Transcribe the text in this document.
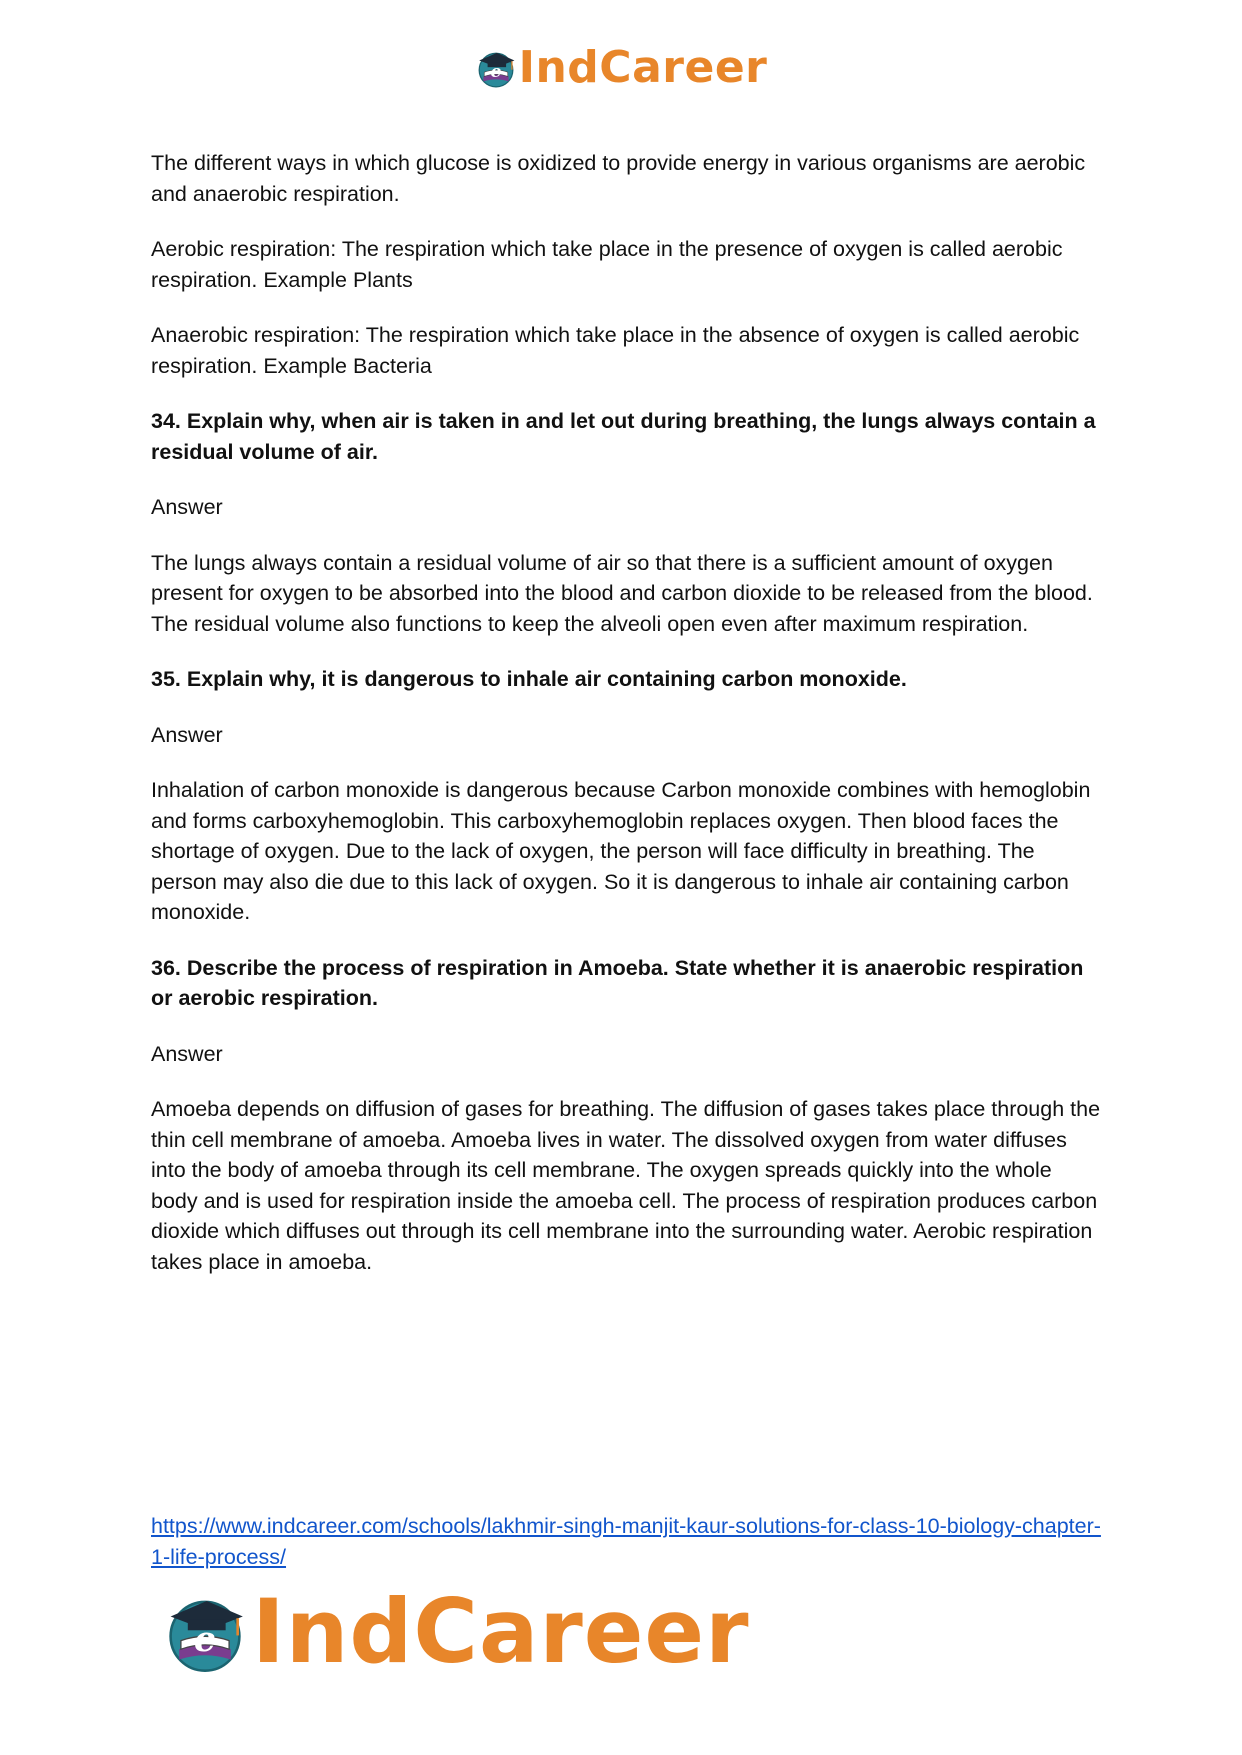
e IndCareer

The different ways in which glucose is oxidized to provide energy in various organisms are aerobic and anaerobic respiration.

Aerobic respiration: The respiration which take place in the presence of oxygen is called aerobic respiration. Example Plants

Anaerobic respiration: The respiration which take place in the absence of oxygen is called aerobic respiration. Example Bacteria

34. Explain why, when air is taken in and let out during breathing, the lungs always contain a residual volume of air.

Answer

The lungs always contain a residual volume of air so that there is a sufficient amount of oxygen present for oxygen to be absorbed into the blood and carbon dioxide to be released from the blood. The residual volume also functions to keep the alveoli open even after maximum respiration.

35. Explain why, it is dangerous to inhale air containing carbon monoxide.

Answer

Inhalation of carbon monoxide is dangerous because Carbon monoxide combines with hemoglobin and forms carboxyhemoglobin. This carboxyhemoglobin replaces oxygen. Then blood faces the shortage of oxygen. Due to the lack of oxygen, the person will face difficulty in breathing. The person may also die due to this lack of oxygen. So it is dangerous to inhale air containing carbon monoxide.

36. Describe the process of respiration in Amoeba. State whether it is anaerobic respiration or aerobic respiration.

Answer

Amoeba depends on diffusion of gases for breathing. The diffusion of gases takes place through the thin cell membrane of amoeba. Amoeba lives in water. The dissolved oxygen from water diffuses into the body of amoeba through its cell membrane. The oxygen spreads quickly into the whole body and is used for respiration inside the amoeba cell. The process of respiration produces carbon dioxide which diffuses out through its cell membrane into the surrounding water. Aerobic respiration takes place in amoeba.

https://www.indcareer.com/schools/lakhmir-singh-manjit-kaur-solutions-for-class-10-biology-chapter-1-life-process/
e IndCareer
